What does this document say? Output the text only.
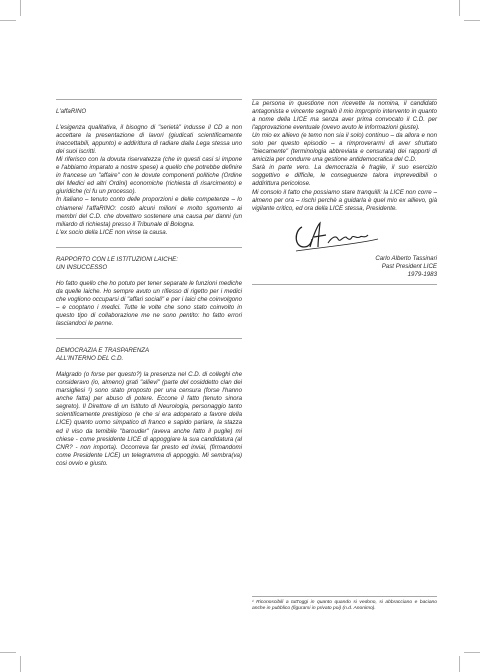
L'affaRINO

L'esigenza qualitativa, il bisogno di "serietà" indusse il CD a non accettare la presentazione di lavori (giudicati scientificamente inaccettabili, appunto) e addirittura di radiare dalla Lega stessa uno dei suoi iscritti.

Mi riferisco con la dovuta riservatezza (che in questi casi si impone e l'abbiamo imparato a nostre spese) a quello che potrebbe definire in francese un "affaire" con le dovute componenti politiche (Ordine dei Medici ed altri Ordini) economiche (richiesta di risarcimento) e giuridiche (ci fu un processo).

In italiano – tenuto conto delle proporzioni e delle competenze – lo chiamerei l'affaRINO: costò alcuni milioni e molto sgomento ai membri del C.D. che dovettero sostenere una causa per danni (un miliardo di richiesta) presso il Tribunale di Bologna.

L'ex socio della LICE non vinse la causa.

RAPPORTO CON LE ISTITUZIONI LAICHE:

UN INSUCCESSO

Ho fatto quello che ho potuto per tener separate le funzioni mediche da quelle laiche. Ho sempre avuto un rifiesso di rigetto per i medici che vogliono occuparsi di "affari sociali" e per i laici che coinvolgono – e cooptano i medici. Tutte le volte che sono stato coinvolto in questo tipo di collaborazione me ne sono pentito: ho fatto errori lasciandoci le penne.

DEMOCRAZIA E TRASPARENZA

ALL'INTERNO DEL C.D.

Malgrado (o forse per questo?) la presenza nel C.D. di colleghi che consideravo (io, almeno) grati "allievi" (parte del cosiddetto clan dei marsigliesi ¹) sono stato proposto per una censura (forse l'hanno anche fatta) per abuso di potere. Eccone il fatto (tenuto sinora segreto). Il Direttore di un Istituto di Neurologia, personaggio tanto scientificamente prestigioso (e che si era adoperato a favore della LICE) quanto uomo simpatico di franco e sapido parlare, la stazza ed il viso da temibile "barouder" (aveva anche fatto il pugile) mi chiese - come presidente LICE di appoggiare la sua candidatura (al CNR? - non importa). Occorreva far presto ed inviai, (firmandomi come Presidente LICE) un telegramma di appoggio. Mi sembra(va) cosi ovvio e giusto.

La persona in questione non ricevette la nomina, il candidato antagonista e vincente segnalò il mio improprio intervento in quanto a nome della LICE ma senza aver prima convocato il C.D. per l'approvazione eventuale (ovevo avuto le informazioni giuste).

Un mio ex allievo (e temo non sia il solo) continuo – da allora e non solo per questo episodio – a rimproverarmi di aver sfruttato "biecamente" (terminologia abbreviata e censurata) dei rapporti di amicizia per condurre una gestione antidemocratica del C.D.

Sarà in parte vero. La democrazia è fragile, il suo esercizio soggettivo e difficile, le conseguenze talora imprevedibili o addirittura pericolose.

Mi consolo il fatto che possiamo stare tranquilli: la LICE non corre – almeno per ora – rischi perchè a guidarla è quel mio ex allievo, già vigilante critico, ed ora della LICE stessa, Presidente.

Carlo Alberto Tassinari
Past President LICE
1979-1983
¹ Riconoscibili a tutt'oggi in quanto quando si vedono, si abbracciano e baciano anche in pubblico (figurarsi in privato poi) (n.d. Anonimo).
